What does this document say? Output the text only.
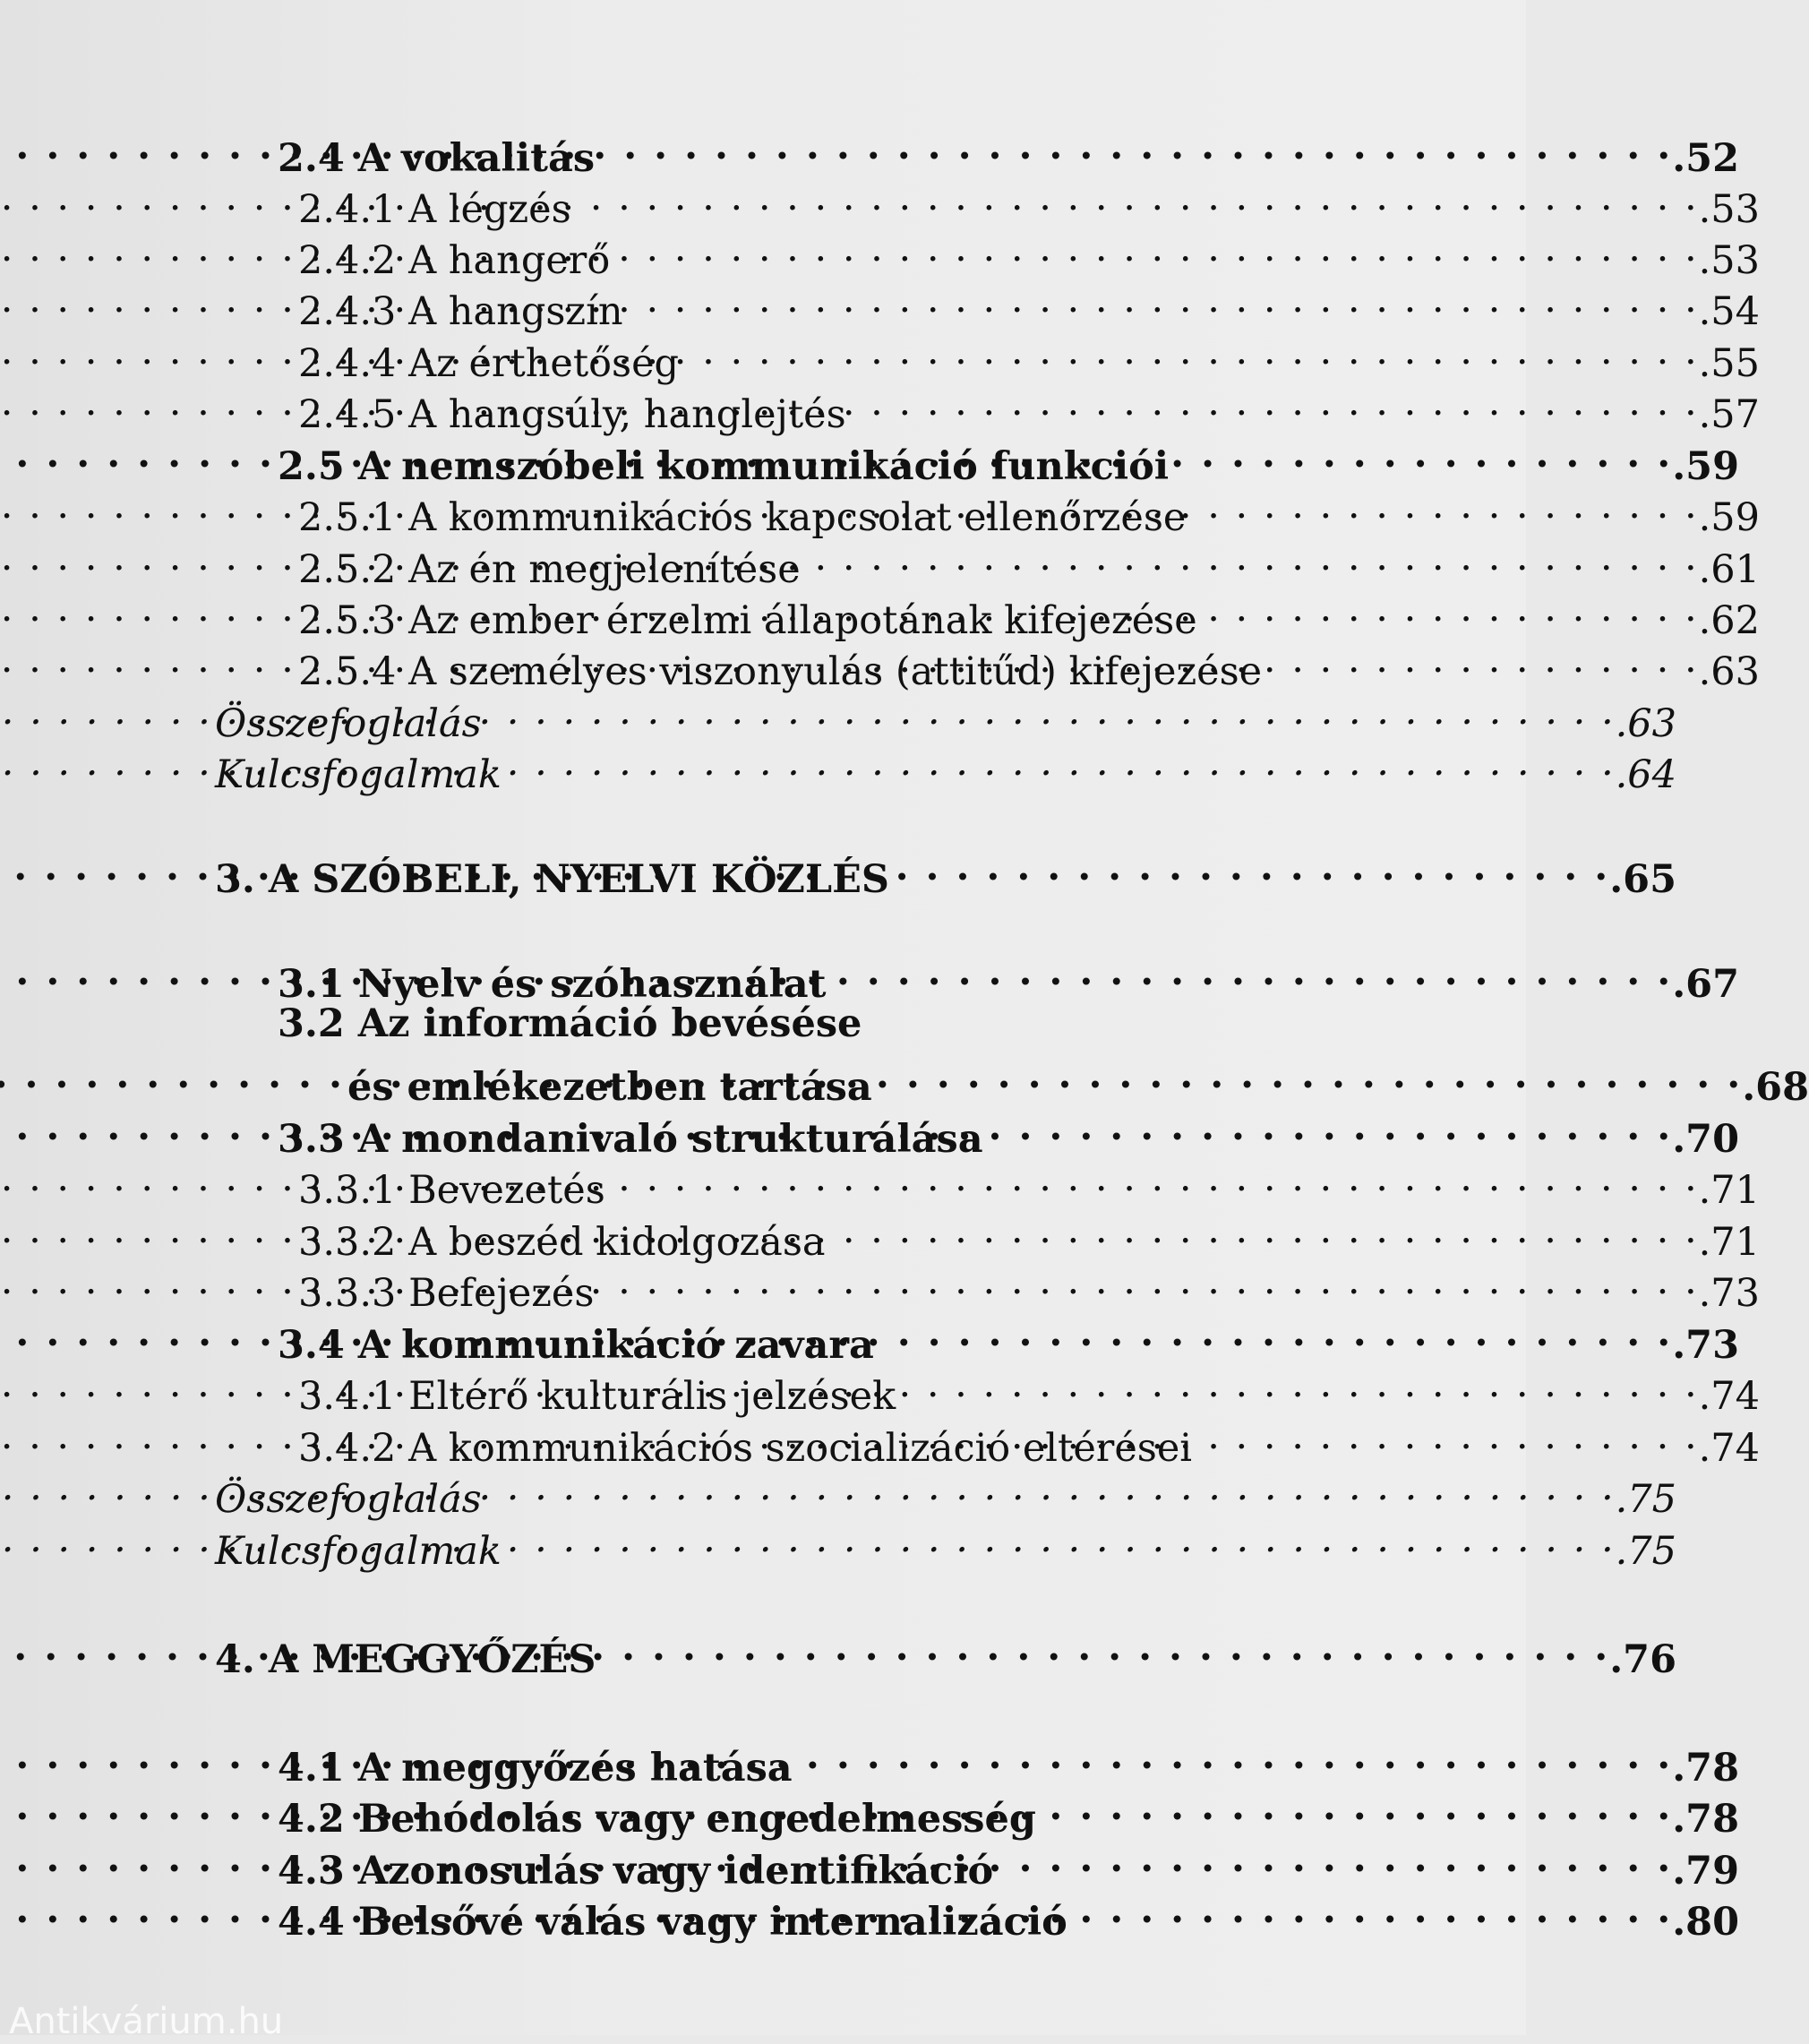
2.4 A vokalitás . . .	.52
2.4.1 A légzés . . .	.53
2.4.2 A hangerő . . .	.53
2.4.3 A hangszín . . .	.54
2.4.4 Az érthetőség . . .	.55
2.4.5 A hangsúly, hanglejtés . . .	.57
2.5 A nemszóbeli kommunikáció funkciói . . .	.59
2.5.1 A kommunikációs kapcsolat ellenőrzése . . .	.59
2.5.2 Az én megjelenítése . . .	.61
2.5.3 Az ember érzelmi állapotának kifejezése . . .	.62
2.5.4 A személyes viszonyulás (attitűd) kifejezése . . .	.63
Összefoglalás . . .	.63
Kulcsfogalmak . . .	.64
3. A SZÓBELI, NYELVI KÖZLÉS . . .	.65
3.1 Nyelv és szóhasználat . . .	.67
3.2 Az információ bevésése
és emlékezetben tartása . . .	.68
3.3 A mondanivaló strukturálása . . .	.70
3.3.1 Bevezetés . . .	.71
3.3.2 A beszéd kidolgozása . . .	.71
3.3.3 Befejezés . . .	.73
3.4 A kommunikáció zavara . . .	.73
3.4.1 Eltérő kulturális jelzések . . .	.74
3.4.2 A kommunikációs szocializáció eltérései . . .	.74
Összefoglalás . . .	.75
Kulcsfogalmak . . .	.75
4. A MEGGYŐZÉS . . .	.76
4.1 A meggyőzés hatása . . .	.78
4.2 Behódolás vagy engedelmesség . . .	.78
4.3 Azonosulás vagy identifikáció . . .	.79
4.4 Belsővé válás vagy internalizáció . . .	.80
Antikvárium.hu
